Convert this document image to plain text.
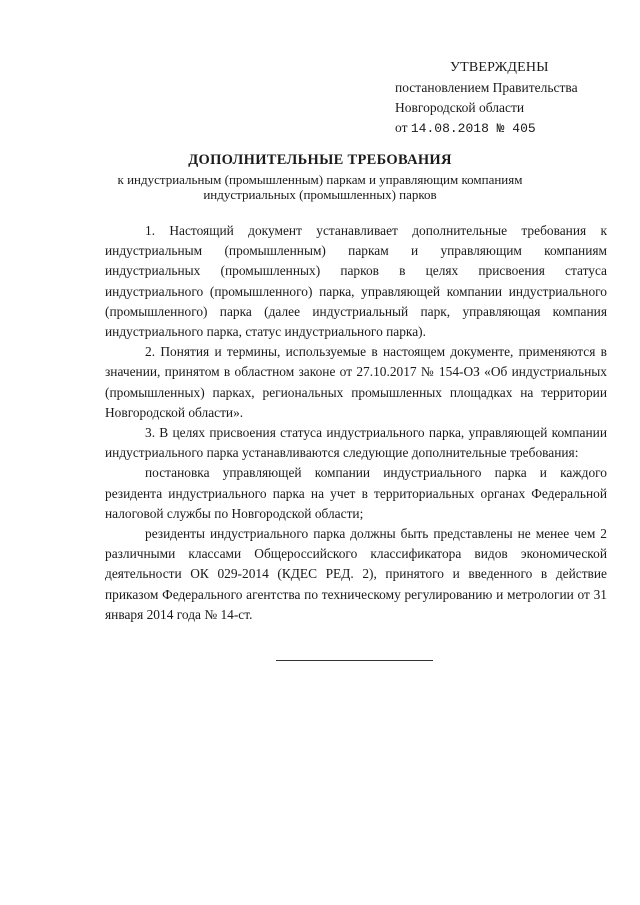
УТВЕРЖДЕНЫ
постановлением Правительства
Новгородской области
от 14.08.2018 № 405
ДОПОЛНИТЕЛЬНЫЕ ТРЕБОВАНИЯ
к индустриальным (промышленным) паркам и управляющим компаниям индустриальных (промышленных) парков

1. Настоящий документ устанавливает дополнительные требования к индустриальным (промышленным) паркам и управляющим компаниям индустриальных (промышленных) парков в целях присвоения статуса индустриального (промышленного) парка, управляющей компании индустриального (промышленного) парка (далее индустриальный парк, управляющая компания индустриального парка, статус индустриального парка).

2. Понятия и термины, используемые в настоящем документе, применяются в значении, принятом в областном законе от 27.10.2017 № 154-ОЗ «Об индустриальных (промышленных) парках, региональных промышленных площадках на территории Новгородской области».

3. В целях присвоения статуса индустриального парка, управляющей компании индустриального парка устанавливаются следующие дополнительные требования:

постановка управляющей компании индустриального парка и каждого резидента индустриального парка на учет в территориальных органах Федеральной налоговой службы по Новгородской области;

резиденты индустриального парка должны быть представлены не менее чем 2 различными классами Общероссийского классификатора видов экономической деятельности ОК 029-2014 (КДЕС РЕД. 2), принятого и введенного в действие приказом Федерального агентства по техническому регулированию и метрологии от 31 января 2014 года № 14-ст.
